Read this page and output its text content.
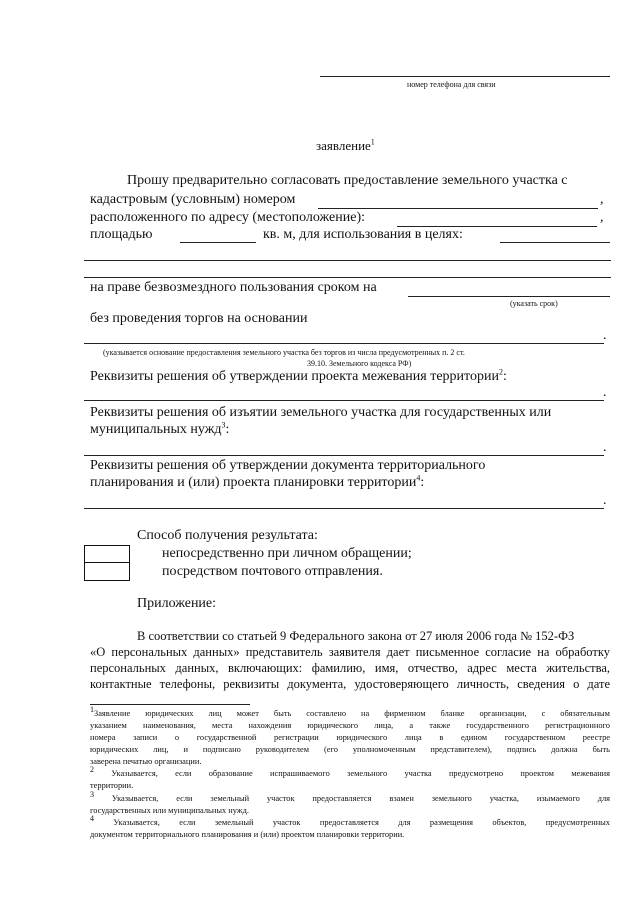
номер телефона для связи
заявление$^1$
Прошу предварительно согласовать предоставление земельного участка с
кадастровым (условным) номером	,
расположенного по адресу (местоположение):	,
площадью	кв. м, для использования в целях:
на праве безвозмездного пользования сроком на
(указать срок)
без проведения торгов на основании
.
(указывается основание предоставления земельного участка без торгов из числа предусмотренных п. 2 ст.
39.10. Земельного кодекса РФ)
Реквизиты решения об утверждении проекта межевания территории$^2$:
.
Реквизиты решения об изъятии земельного участка для государственных или
муниципальных нужд$^3$:
.
Реквизиты решения об утверждении документа территориального
планирования и (или) проекта планировки территории$^4$:
.
Способ получения результата:
непосредственно при личном обращении;
посредством почтового отправления.
Приложение:
В соответствии со статьей 9 Федерального закона от 27 июля 2006 года № 152-ФЗ
«О персональных данных» представитель заявителя дает письменное согласие на обработку
персональных данных, включающих: фамилию, имя, отчество, адрес места жительства,
контактные телефоны, реквизиты документа, удостоверяющего личность, сведения о дате
$^1$Заявление юридических лиц может быть составлено на фирменном бланке организации, с обязательным
указанием наименования, места нахождения юридического лица, а также государственного регистрационного
номера записи о государственной регистрации юридического лица в едином государственном реестре
юридических лиц, и подписано руководителем (его уполномоченным представителем), подпись должна быть
заверена печатью организации.
$^2$ Указывается, если образование испрашиваемого земельного участка предусмотрено проектом межевания
территории.
$^3$ Указывается, если земельный участок предоставляется взамен земельного участка, изымаемого для
государственных или муниципальных нужд.
$^4$ Указывается, если земельный участок предоставляется для размещения объектов, предусмотренных
документом территориального планирования и (или) проектом планировки территории.
